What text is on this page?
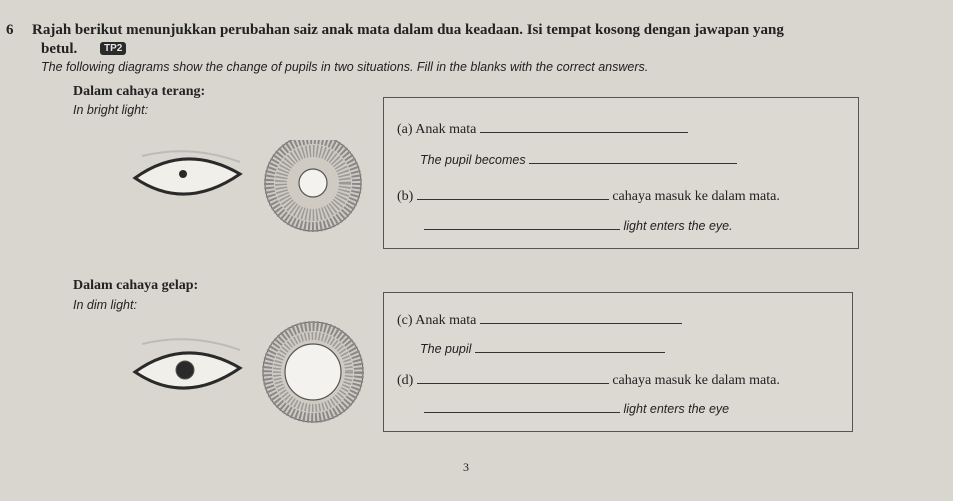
6	Rajah berikut menunjukkan perubahan saiz anak mata dalam dua keadaan. Isi tempat kosong dengan jawapan yang
betul.	TP2
The following diagrams show the change of pupils in two situations. Fill in the blanks with the correct answers.
Dalam cahaya terang:
In bright light:
(a) Anak mata
The pupil becomes
(b)	cahaya masuk ke dalam mata.
light enters the eye.
Dalam cahaya gelap:
In dim light:
(c) Anak mata
The pupil
(d)	cahaya masuk ke dalam mata.
light enters the eye
3
